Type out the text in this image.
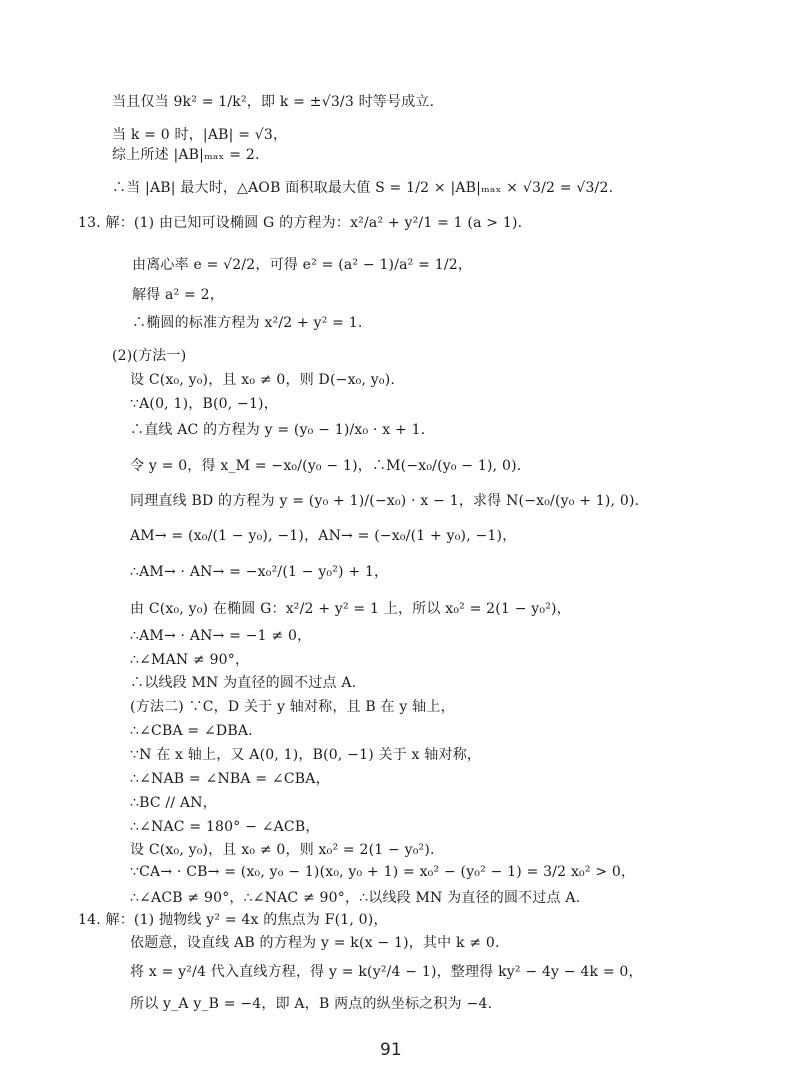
当且仅当 9k² = 1/k²，即 k = ±√3/3 时等号成立.
当 k = 0 时，|AB| = √3，
综上所述 |AB|ₘₐₓ = 2.
∴当 |AB| 最大时，△AOB 面积取最大值 S = 1/2 × |AB|ₘₐₓ × √3/2 = √3/2.
13. 解：(1) 由已知可设椭圆 G 的方程为：x²/a² + y²/1 = 1 (a > 1).
由离心率 e = √2/2，可得 e² = (a² − 1)/a² = 1/2，
解得 a² = 2，
∴椭圆的标准方程为 x²/2 + y² = 1.
(2)(方法一)
设 C(x₀, y₀)，且 x₀ ≠ 0，则 D(−x₀, y₀).
∵A(0, 1)，B(0, −1)，
∴直线 AC 的方程为 y = (y₀ − 1)/x₀ · x + 1.
令 y = 0，得 x_M = −x₀/(y₀ − 1)，∴M(−x₀/(y₀ − 1), 0).
同理直线 BD 的方程为 y = (y₀ + 1)/(−x₀) · x − 1，求得 N(−x₀/(y₀ + 1), 0).
AM→ = (x₀/(1 − y₀), −1)，AN→ = (−x₀/(1 + y₀), −1)，
∴AM→ · AN→ = −x₀²/(1 − y₀²) + 1，
由 C(x₀, y₀) 在椭圆 G：x²/2 + y² = 1 上，所以 x₀² = 2(1 − y₀²)，
∴AM→ · AN→ = −1 ≠ 0，
∴∠MAN ≠ 90°，
∴以线段 MN 为直径的圆不过点 A.
(方法二) ∵C，D 关于 y 轴对称，且 B 在 y 轴上，
∴∠CBA = ∠DBA.
∵N 在 x 轴上，又 A(0, 1)，B(0, −1) 关于 x 轴对称，
∴∠NAB = ∠NBA = ∠CBA，
∴BC // AN，
∴∠NAC = 180° − ∠ACB，
设 C(x₀, y₀)，且 x₀ ≠ 0，则 x₀² = 2(1 − y₀²).
∵CA→ · CB→ = (x₀, y₀ − 1)(x₀, y₀ + 1) = x₀² − (y₀² − 1) = 3/2 x₀² > 0，
∴∠ACB ≠ 90°，∴∠NAC ≠ 90°，∴以线段 MN 为直径的圆不过点 A.
14. 解：(1) 抛物线 y² = 4x 的焦点为 F(1, 0)，
依题意，设直线 AB 的方程为 y = k(x − 1)，其中 k ≠ 0.
将 x = y²/4 代入直线方程，得 y = k(y²/4 − 1)，整理得 ky² − 4y − 4k = 0，
所以 y_A y_B = −4，即 A，B 两点的纵坐标之积为 −4.
91
